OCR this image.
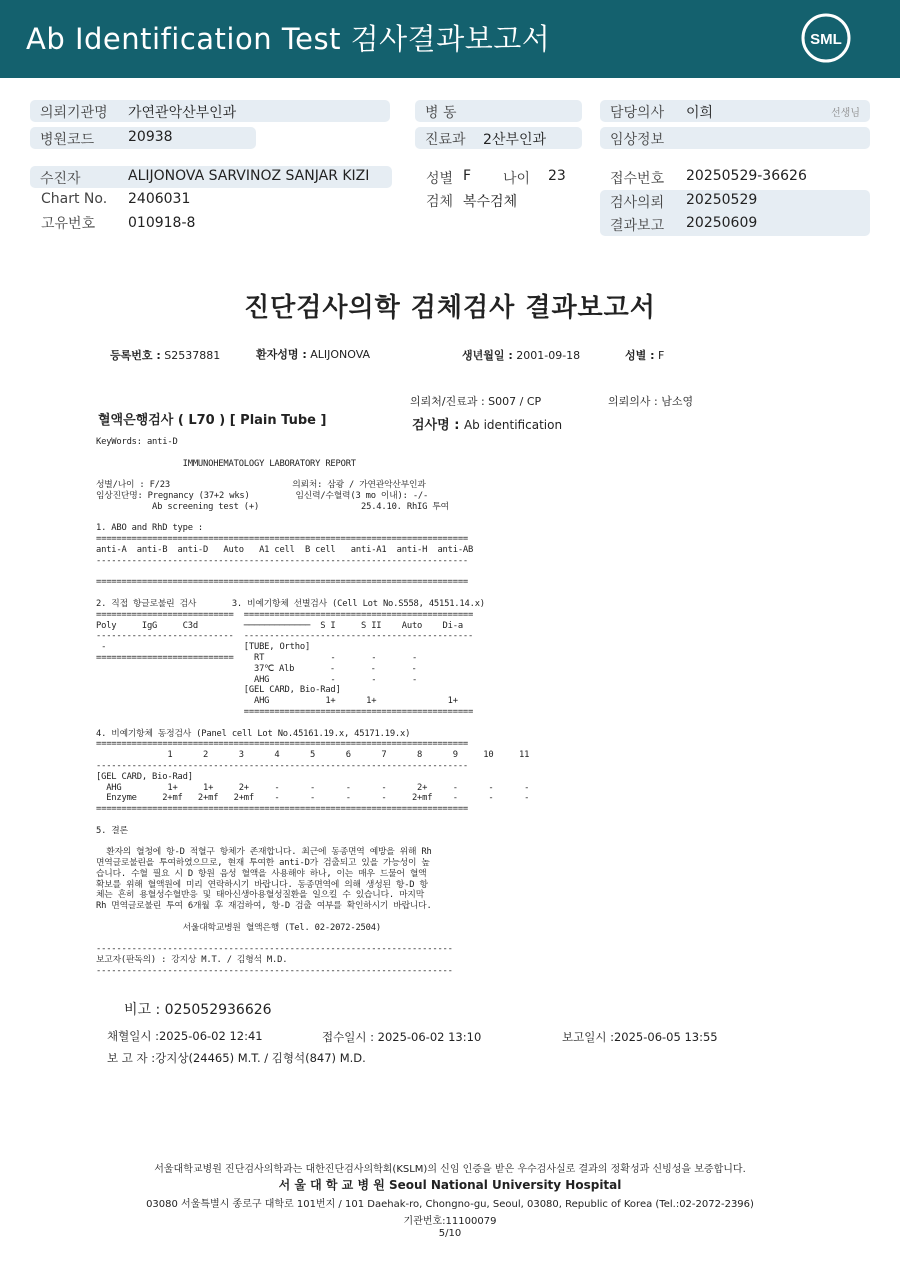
Ab Identification Test 검사결과보고서	SML
의뢰기관명 가연관악산부인과
병원코드 20938
수진자	ALIJONOVA SARVINOZ SANJAR KIZI
Chart No. 2406031
고유번호 010918-8
병 동
진료과 2산부인과
성별 F 나이 23
검체 복수검체
담당의사 이희	선생님
임상정보
접수번호 20250529-36626
검사의뢰 20250529
결과보고 20250609
진단검사의학 검체검사 결과보고서
등록번호 : S2537881	환자성명 : ALIJONOVA	생년월일 : 2001-09-18	성별 : F
의뢰처/진료과 : S007 / CP	의뢰의사 : 남소영
혈액은행검사 ( L70 ) [ Plain Tube ]	검사명 : Ab identification
KeyWords: anti-D

IMMUNOHEMATOLOGY LABORATORY REPORT

성별/나이 : F/23                        의뢰처: 삼광 / 가연관악산부인과
임상진단명: Pregnancy (37+2 wks)         임신력/수혈력(3 mo 이내): -/-
Ab screening test (+)                    25.4.10. RhIG 투여

1. ABO and RhD type :
=========================================================================
anti-A  anti-B  anti-D   Auto   A1 cell  B cell   anti-A1  anti-H  anti-AB
-------------------------------------------------------------------------

=========================================================================

2. 직접 항글로불린 검사       3. 비예기항체 선별검사 (Cell Lot No.S558, 45151.14.x)
===========================  =============================================
Poly     IgG     C3d         ─────────────  S I     S II    Auto    Di-a
---------------------------  ---------------------------------------------
-                           [TUBE, Ortho]
===========================    RT             -       -       -
37℃ Alb       -       -       -
AHG            -       -       -
[GEL CARD, Bio-Rad]
AHG           1+      1+              1+
=============================================

4. 비예기항체 동정검사 (Panel cell Lot No.45161.19.x, 45171.19.x)
=========================================================================
1      2      3      4      5      6      7      8      9     10     11
-------------------------------------------------------------------------
[GEL CARD, Bio-Rad]
AHG         1+     1+     2+     -      -      -      -      2+     -      -      -
Enzyme     2+mf   2+mf   2+mf    -      -      -      -     2+mf    -      -      -
=========================================================================

5. 결론

환자의 혈청에 항-D 적혈구 항체가 존재합니다. 최근에 동종면역 예방을 위해 Rh
면역글로불린을 투여하였으므로, 현재 투여한 anti-D가 검출되고 있을 가능성이 높
습니다. 수혈 필요 시 D 항원 음성 혈액을 사용해야 하나, 이는 매우 드물어 혈액
확보를 위해 혈액원에 미리 연락하시기 바랍니다. 동종면역에 의해 생성된 항-D 항
체는 흔히 용혈성수혈반응 및 태아신생아용혈성질환을 일으킬 수 있습니다. 마지막
Rh 면역글로불린 투여 6개월 후 재검하여, 항-D 검출 여부를 확인하시기 바랍니다.

서울대학교병원 혈액은행 (Tel. 02-2072-2504)

----------------------------------------------------------------------
보고자(판독의) : 강지상 M.T. / 김형석 M.D.
----------------------------------------------------------------------
비고 : 025052936626
채혈일시 :2025-06-02 12:41	접수일시 : 2025-06-02 13:10	보고일시 :2025-06-05 13:55
보 고 자 :강지상(24465) M.T. / 김형석(847) M.D.
서울대학교병원 진단검사의학과는 대한진단검사의학회(KSLM)의 신임 인증을 받은 우수검사실로 결과의 정확성과 신빙성을 보증합니다.
서 울 대 학 교 병 원 Seoul National University Hospital
03080 서울특별시 종로구 대학로 101번지 / 101 Daehak-ro, Chongno-gu, Seoul, 03080, Republic of Korea (Tel.:02-2072-2396)
기관번호:11100079
5/10
